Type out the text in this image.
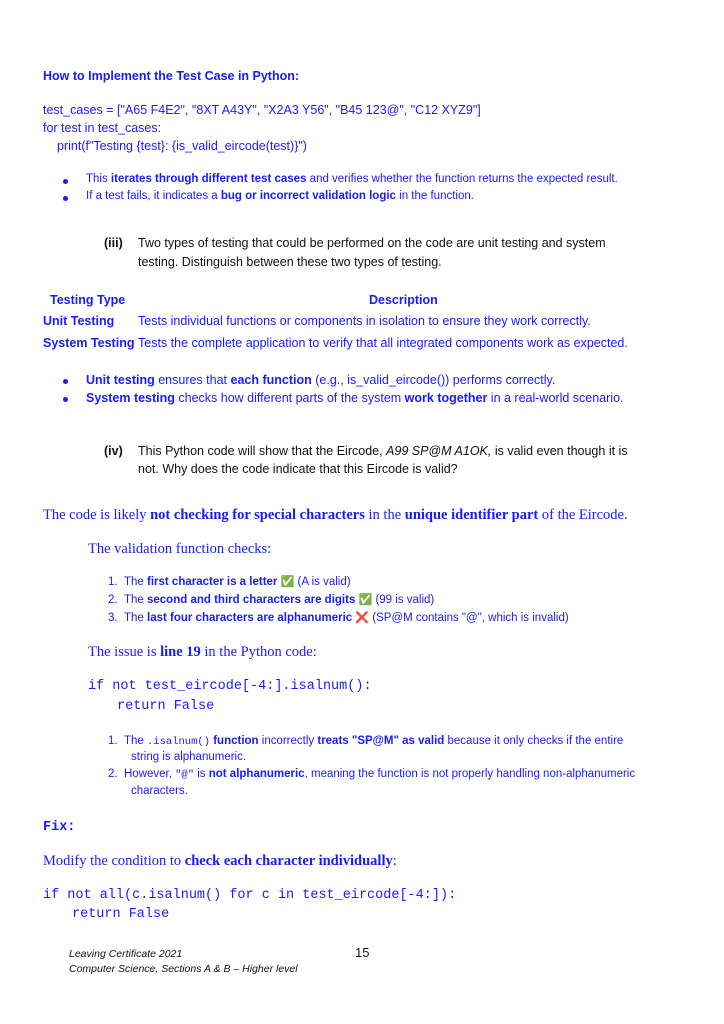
How to Implement the Test Case in Python:
test_cases = ["A65 F4E2", "8XT A43Y", "X2A3 Y56", "B45 123@", "C12 XYZ9"]
for test in test_cases:
print(f"Testing {test}: {is_valid_eircode(test)}")
This iterates through different test cases and verifies whether the function returns the expected result.
If a test fails, it indicates a bug or incorrect validation logic in the function.
(iii) Two types of testing that could be performed on the code are unit testing and system
testing. Distinguish between these two types of testing.
Testing Type	Description
Unit Testing Tests individual functions or components in isolation to ensure they work correctly.
System Testing Tests the complete application to verify that all integrated components work as expected.
Unit testing ensures that each function (e.g., is_valid_eircode()) performs correctly.
System testing checks how different parts of the system work together in a real-world scenario.
(iv) This Python code will show that the Eircode, A99 SP@M A1OK, is valid even though it is
not. Why does the code indicate that this Eircode is valid?
The code is likely not checking for special characters in the unique identifier part of the Eircode.
The validation function checks:
1. The first character is a letter ✅ (A is valid)
2. The second and third characters are digits ✅ (99 is valid)
3. The last four characters are alphanumeric ❌ (SP@M contains "@", which is invalid)
The issue is line 19 in the Python code:
if not test_eircode[-4:].isalnum():
return False
1. The .isalnum() function incorrectly treats "SP@M" as valid because it only checks if the entire
string is alphanumeric.
2. However, "@" is not alphanumeric, meaning the function is not properly handling non-alphanumeric
characters.
Fix:
Modify the condition to check each character individually:
if not all(c.isalnum() for c in test_eircode[-4:]):
return False
Leaving Certificate 2021
Computer Science, Sections A & B – Higher level
15
